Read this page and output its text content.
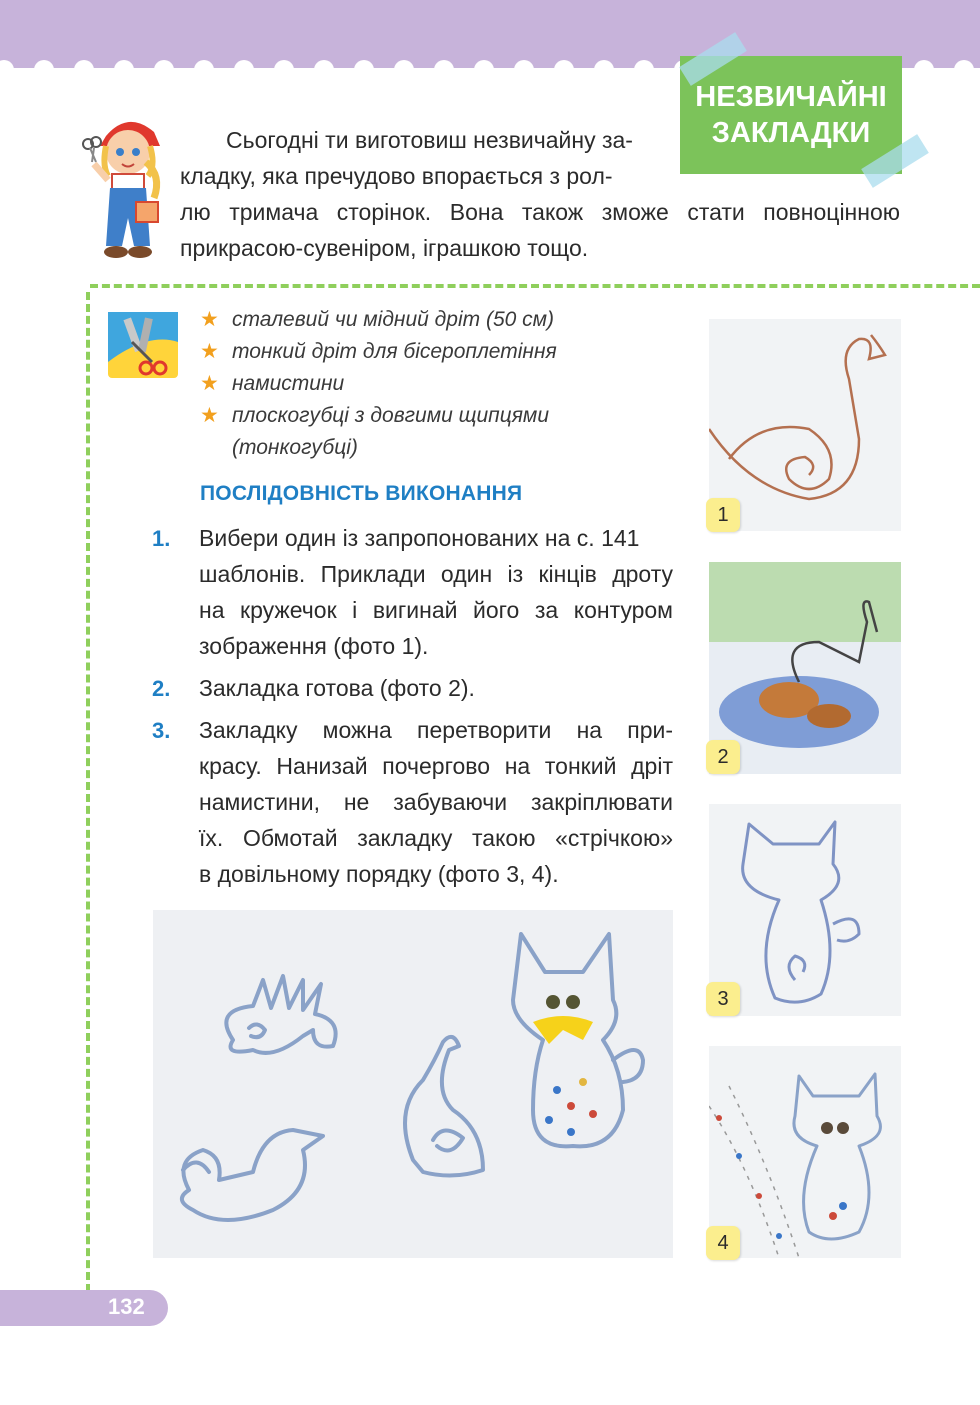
НЕЗВИЧАЙНІ
ЗАКЛАДКИ
Сьогодні ти виготовиш незвичайну за-
кладку, яка пречудово впорається з рол-
лю тримача сторінок. Вона також зможе стати повноцінною
прикрасою-сувеніром, іграшкою тощо.
★ сталевий чи мідний дріт (50 см)
★ тонкий дріт для бісероплетіння
★ намистини
★ плоскогубці з довгими щипцями
(тонкогубці)
ПОСЛІДОВНІСТЬ ВИКОНАННЯ
1. Вибери один із запропонованих на с. 141
шаблонів. Приклади один із кінців дроту
на кружечок і вигинай його за контуром
зображення (фото 1).
2. Закладка готова (фото 2).
3. Закладку можна перетворити на при-
красу. Нанизай почергово на тонкий дріт
намистини, не забуваючи закріплювати
їх. Обмотай закладку такою «стрічкою»
в довільному порядку (фото 3, 4).
1
2
3
4
132
